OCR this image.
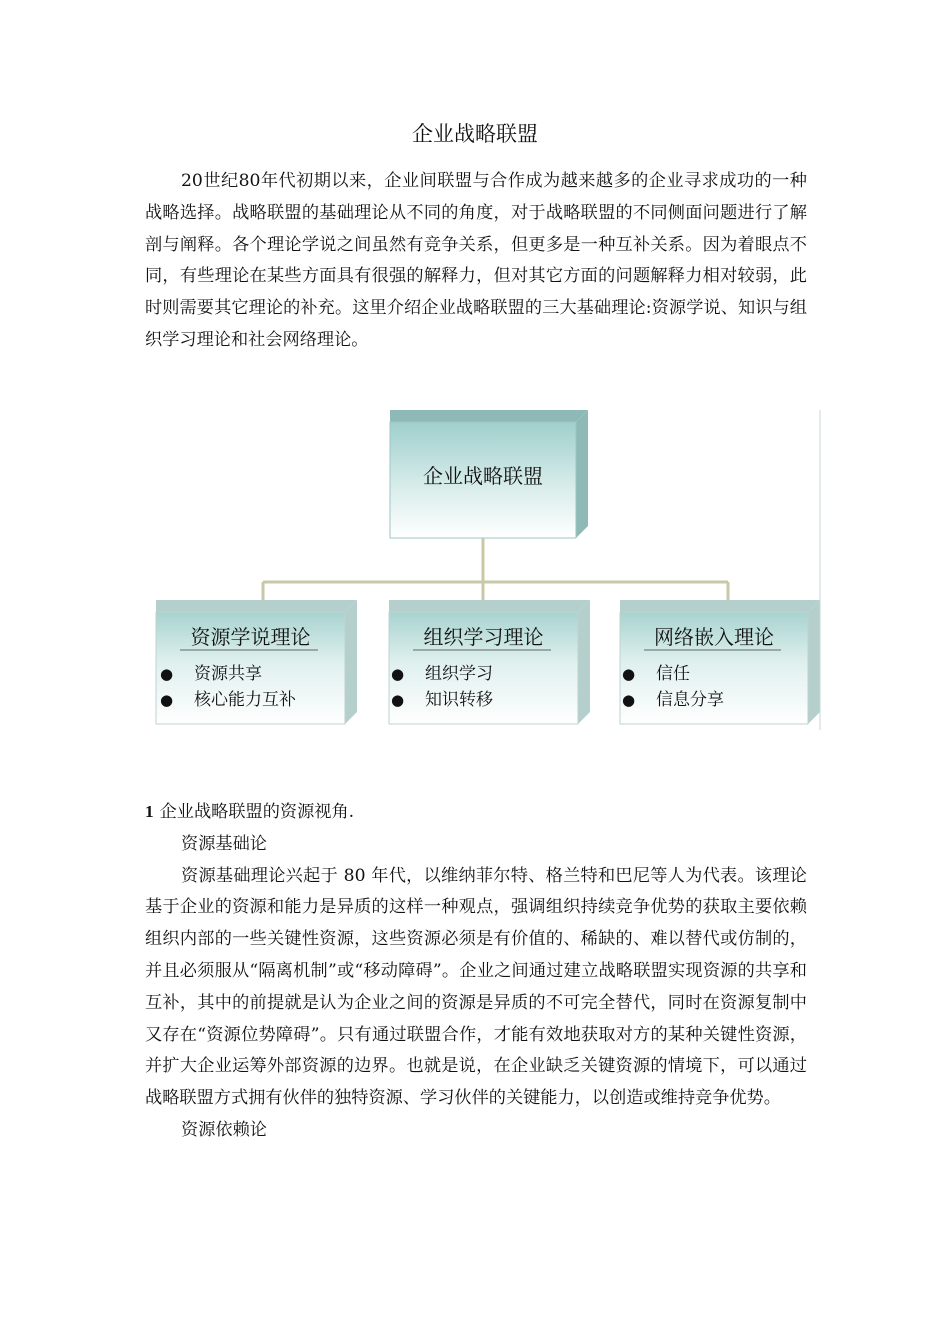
企业战略联盟

20世纪80年代初期以来，企业间联盟与合作成为越来越多的企业寻求成功的一种战略选择。战略联盟的基础理论从不同的角度，对于战略联盟的不同侧面问题进行了解剖与阐释。各个理论学说之间虽然有竞争关系，但更多是一种互补关系。因为着眼点不同，有些理论在某些方面具有很强的解释力，但对其它方面的问题解释力相对较弱，此时则需要其它理论的补充。这里介绍企业战略联盟的三大基础理论:资源学说、知识与组织学习理论和社会网络理论。

企业战略联盟
资源学说理论
● 资源共享
● 核心能力互补
组织学习理论
● 组织学习
● 知识转移
网络嵌入理论
● 信任
● 信息分享

1 企业战略联盟的资源视角.

资源基础论

资源基础理论兴起于 80 年代，以维纳菲尔特、格兰特和巴尼等人为代表。该理论基于企业的资源和能力是异质的这样一种观点，强调组织持续竞争优势的获取主要依赖组织内部的一些关键性资源，这些资源必须是有价值的、稀缺的、难以替代或仿制的，并且必须服从“隔离机制”或“移动障碍”。企业之间通过建立战略联盟实现资源的共享和互补，其中的前提就是认为企业之间的资源是异质的不可完全替代，同时在资源复制中又存在“资源位势障碍”。只有通过联盟合作，才能有效地获取对方的某种关键性资源，并扩大企业运筹外部资源的边界。也就是说，在企业缺乏关键资源的情境下，可以通过战略联盟方式拥有伙伴的独特资源、学习伙伴的关键能力，以创造或维持竞争优势。

资源依赖论
